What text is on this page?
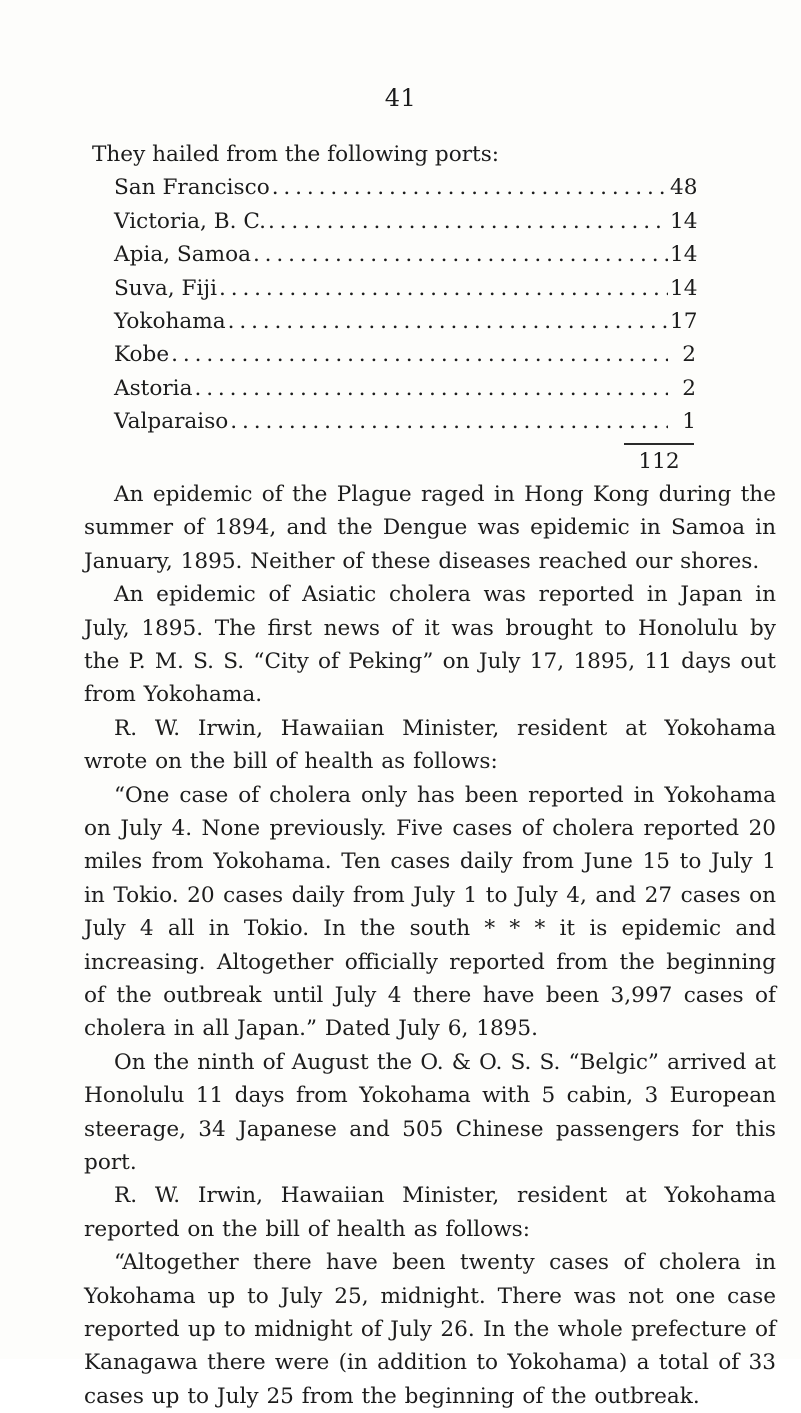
41

They hailed from the following ports:

San Francisco . . .	48
Victoria, B. C. . . .	14
Apia, Samoa . . .	14
Suva, Fiji . . .	14
Yokohama . . .	17
Kobe . . .	2
Astoria . . .	2
Valparaiso . . .	1
112

An epidemic of the Plague raged in Hong Kong during the summer of 1894, and the Dengue was epidemic in Samoa in January, 1895. Neither of these diseases reached our shores.

An epidemic of Asiatic cholera was reported in Japan in July, 1895. The first news of it was brought to Honolulu by the P. M. S. S. “City of Peking” on July 17, 1895, 11 days out from Yokohama.

R. W. Irwin, Hawaiian Minister, resident at Yokohama wrote on the bill of health as follows:

“One case of cholera only has been reported in Yokohama on July 4. None previously. Five cases of cholera reported 20 miles from Yokohama. Ten cases daily from June 15 to July 1 in Tokio. 20 cases daily from July 1 to July 4, and 27 cases on July 4 all in Tokio. In the south * * * it is epidemic and increasing. Altogether officially reported from the beginning of the outbreak until July 4 there have been 3,997 cases of cholera in all Japan.” Dated July 6, 1895.

On the ninth of August the O. & O. S. S. “Belgic” arrived at Honolulu 11 days from Yokohama with 5 cabin, 3 European steerage, 34 Japanese and 505 Chinese passengers for this port.

R. W. Irwin, Hawaiian Minister, resident at Yokohama reported on the bill of health as follows:

“Altogether there have been twenty cases of cholera in Yokohama up to July 25, midnight. There was not one case reported up to midnight of July 26. In the whole prefecture of Kanagawa there were (in addition to Yokohama) a total of 33 cases up to July 25 from the beginning of the outbreak.
